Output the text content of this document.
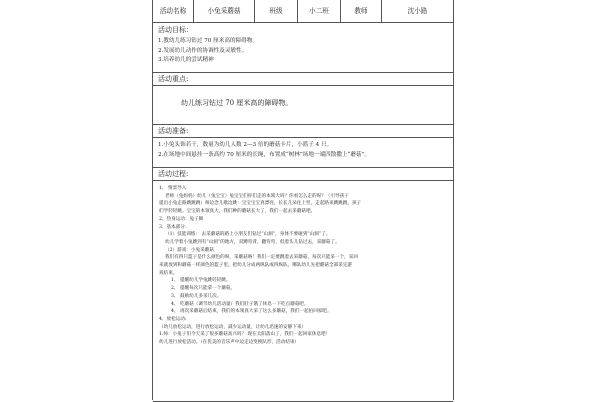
活动名称	小兔采蘑菇	班级	小二班	教师	沈小路
活动目标：
1.教幼儿练习钻过 70 厘米高的障碍物。
2.发展幼儿动作的协调性及灵敏性。
3.培养幼儿的尝试精神
活动重点:
幼儿练习钻过 70 厘米高的障碍物。
活动准备:
1.小兔头饰若干，数量为幼儿人数 2—3 倍的蘑菇卡片，小篮子 4 只。
2.在场地中间悬挂一条高约 70 厘米的长绳，布置成“树林”场地一端四散撒上“蘑菇”。
活动过程:
1、 情景导入
老师（兔妈妈）幼儿（兔宝宝）兔宝宝们你们走的本领大吗？你看怎么走的呀？（引导孩子
提出小兔走路跳跳跳）师边念儿歌边跳：宝宝宝宝真漂亮，长长儿朵往上竖，走起路来跳跳跳，孩子
们学轻轻跳。宝宝的本领真大，我们种的蘑菇长大了，我们一起去采蘑菇吧。
2、热身运动：兔子舞
3、基本部分：
（1）技能训练： 去采蘑菇的路上小朋友们钻过“山洞”，身体不要碰到“山洞”了。
幼儿学着小兔跳到有“山洞”的地方，双蹲弯背，翻弯弯，低着头儿钻过去，采蘑菇了。
（2）游戏：小兔采蘑菇
我们有四只篮子是什么颜色的呀，采蘑菇咯！我们一定要跳着去采蘑菇，每次只能采一个，采回
来就放到和蘑菇一样颜色的篮子里。把幼儿分成两纵队或四纵队，哪队幼儿先把蘑菇全部采完游
戏结束。
1、 提醒幼儿学兔跳轻轻跳。
2、 提醒每次只能拿一个蘑菇。
3、 鼓励幼儿多采几次。
4、 吃蘑菇（调节幼儿活动量）我们肚子饿了休息一下吃点蘑菇吧。
4、 再次采蘑菇后结束，我们的本领真大采了这么多蘑菇，我们一起拍回家吧。
4、放松运动:
（幼儿放松运动，进行放松运动，减少运动量，让幼儿迅速的安静下来）
1.师：小兔子们今天采了很多蘑菇高兴吗？ 现在太阳落山了，我们一起回家休息吧！
幼儿进行放松活动。（在优美的音乐声中边走边变换队形，活动结束）
